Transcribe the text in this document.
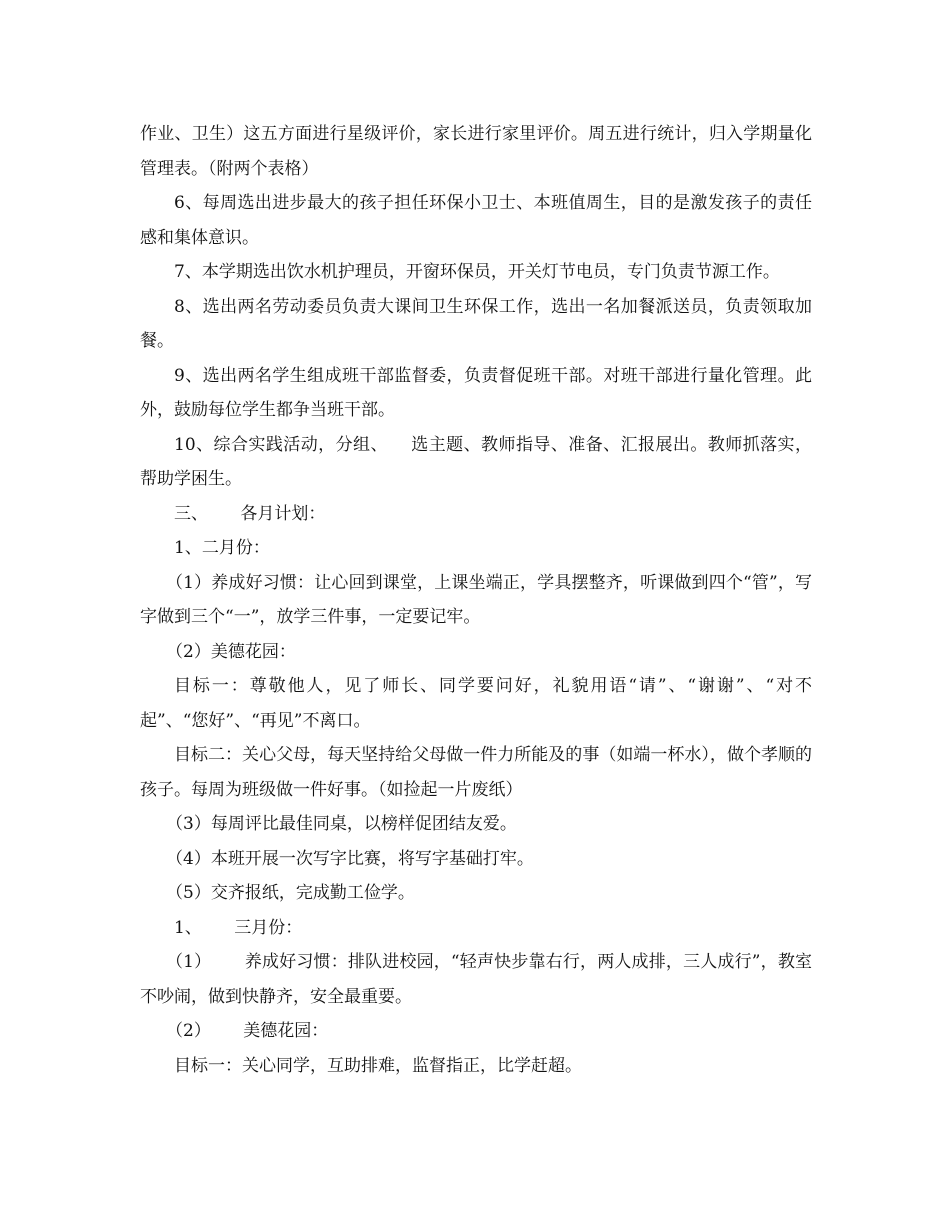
作业、卫生）这五方面进行星级评价，家长进行家里评价。周五进行统计，归入学期量化管理表。（附两个表格）

6、每周选出进步最大的孩子担任环保小卫士、本班值周生，目的是激发孩子的责任感和集体意识。

7、本学期选出饮水机护理员，开窗环保员，开关灯节电员，专门负责节源工作。

8、选出两名劳动委员负责大课间卫生环保工作，选出一名加餐派送员，负责领取加餐。

9、选出两名学生组成班干部监督委，负责督促班干部。对班干部进行量化管理。此外，鼓励每位学生都争当班干部。

10、综合实践活动，分组、    选主题、教师指导、准备、汇报展出。教师抓落实，帮助学困生。

三、      各月计划：

1、二月份：

（1）养成好习惯：让心回到课堂，上课坐端正，学具摆整齐，听课做到四个“管”，写字做到三个“一”，放学三件事，一定要记牢。

（2）美德花园：

目标一：尊敬他人，见了师长、同学要问好，礼貌用语“请”、“谢谢”、“对不起”、“您好”、“再见”不离口。

目标二：关心父母，每天坚持给父母做一件力所能及的事（如端一杯水），做个孝顺的孩子。每周为班级做一件好事。（如捡起一片废纸）

（3）每周评比最佳同桌，以榜样促团结友爱。

（4）本班开展一次写字比赛，将写字基础打牢。

（5）交齐报纸，完成勤工俭学。

1、      三月份：

（1）      养成好习惯：排队进校园，“轻声快步靠右行，两人成排，三人成行”，教室不吵闹，做到快静齐，安全最重要。

（2）      美德花园：

目标一：关心同学，互助排难，监督指正，比学赶超。
